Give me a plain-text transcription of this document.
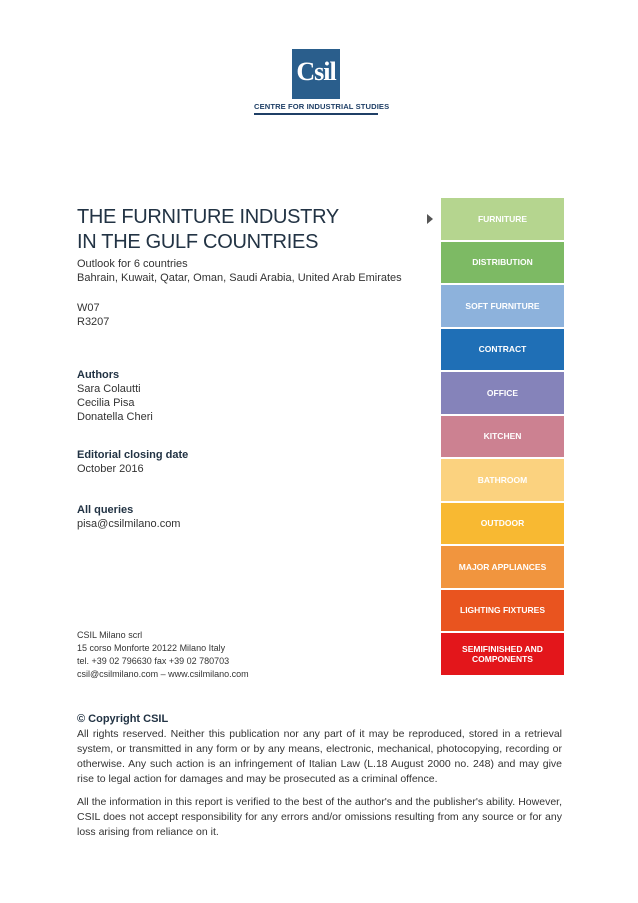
Csil
CENTRE FOR INDUSTRIAL STUDIES
THE FURNITURE INDUSTRY
IN THE GULF COUNTRIES
Outlook for 6 countries
Bahrain, Kuwait, Qatar, Oman, Saudi Arabia, United Arab Emirates
W07
R3207
Authors
Sara Colautti
Cecilia Pisa
Donatella Cheri
Editorial closing date
October 2016
All queries
pisa@csilmilano.com
CSIL Milano scrl
15 corso Monforte 20122 Milano Italy
tel. +39 02 796630 fax +39 02 780703
csil@csilmilano.com – www.csilmilano.com
FURNITURE
DISTRIBUTION
SOFT FURNITURE
CONTRACT
OFFICE
KITCHEN
BATHROOM
OUTDOOR
MAJOR APPLIANCES
LIGHTING FIXTURES
SEMIFINISHED AND COMPONENTS
© Copyright CSIL
All rights reserved. Neither this publication nor any part of it may be reproduced, stored in a retrieval system, or transmitted in any form or by any means, electronic, mechanical, photocopying, recording or otherwise. Any such action is an infringement of Italian Law (L.18 August 2000 no. 248) and may give rise to legal action for damages and may be prosecuted as a criminal offence.
All the information in this report is verified to the best of the author's and the publisher's ability. However, CSIL does not accept responsibility for any errors and/or omissions resulting from any source or for any loss arising from reliance on it.
